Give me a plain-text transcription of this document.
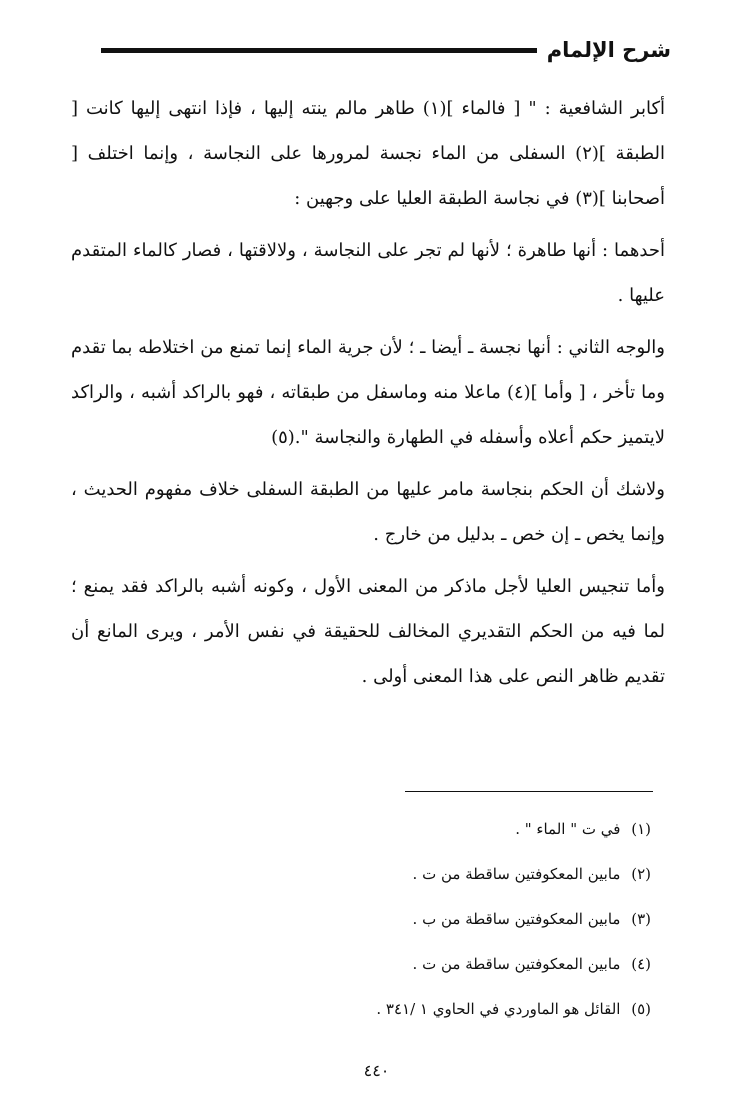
شرح الإلمام

أكابر الشافعية : " [ فالماء ](١) طاهر مالم ينته إليها ، فإذا انتهى إليها كانت [ الطبقة ](٢) السفلى من الماء نجسة لمرورها على النجاسة ، وإنما اختلف [ أصحابنا ](٣) في نجاسة الطبقة العليا على وجهين :

أحدهما : أنها طاهرة ؛ لأنها لم تجر على النجاسة ، ولالاقتها ، فصار كالماء المتقدم عليها .

والوجه الثاني : أنها نجسة ـ أيضا ـ ؛ لأن جرية الماء إنما تمنع من اختلاطه بما تقدم وما تأخر ، [ وأما ](٤) ماعلا منه وماسفل من طبقاته ، فهو بالراكد أشبه ، والراكد لايتميز حكم أعلاه وأسفله في الطهارة والنجاسة ".(٥)

ولاشك أن الحكم بنجاسة مامر عليها من الطبقة السفلى خلاف مفهوم الحديث ، وإنما يخص ـ إن خص ـ بدليل من خارج .

وأما تنجيس العليا لأجل ماذكر من المعنى الأول ، وكونه أشبه بالراكد فقد يمنع ؛ لما فيه من الحكم التقديري المخالف للحقيقة في نفس الأمر ، ويرى المانع أن تقديم ظاهر النص على هذا المعنى أولى .

(١) في ت " الماء " .
(٢) مابين المعكوفتين ساقطة من ت .
(٣) مابين المعكوفتين ساقطة من ب .
(٤) مابين المعكوفتين ساقطة من ت .
(٥) القائل هو الماوردي في الحاوي ١ /٣٤١ .
٤٤٠
